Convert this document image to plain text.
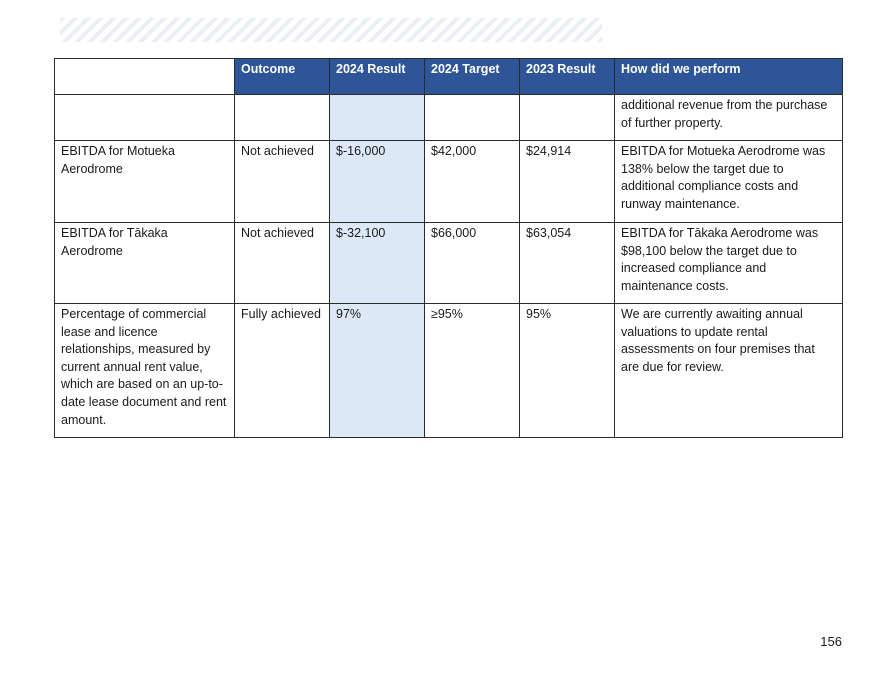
	Outcome	2024 Result	2024 Target	2023 Result	How did we perform
					additional revenue from the purchase of further property.
EBITDA for Motueka Aerodrome	Not achieved	$-16,000	$42,000	$24,914	EBITDA for Motueka Aerodrome was 138% below the target due to additional compliance costs and runway maintenance.
EBITDA for Tākaka Aerodrome	Not achieved	$-32,100	$66,000	$63,054	EBITDA for Tākaka Aerodrome was $98,100 below the target due to increased compliance and maintenance costs.
Percentage of commercial lease and licence relationships, measured by current annual rent value, which are based on an up-to-date lease document and rent amount.	Fully achieved	97%	≥95%	95%	We are currently awaiting annual valuations to update rental assessments on four premises that are due for review.
156
